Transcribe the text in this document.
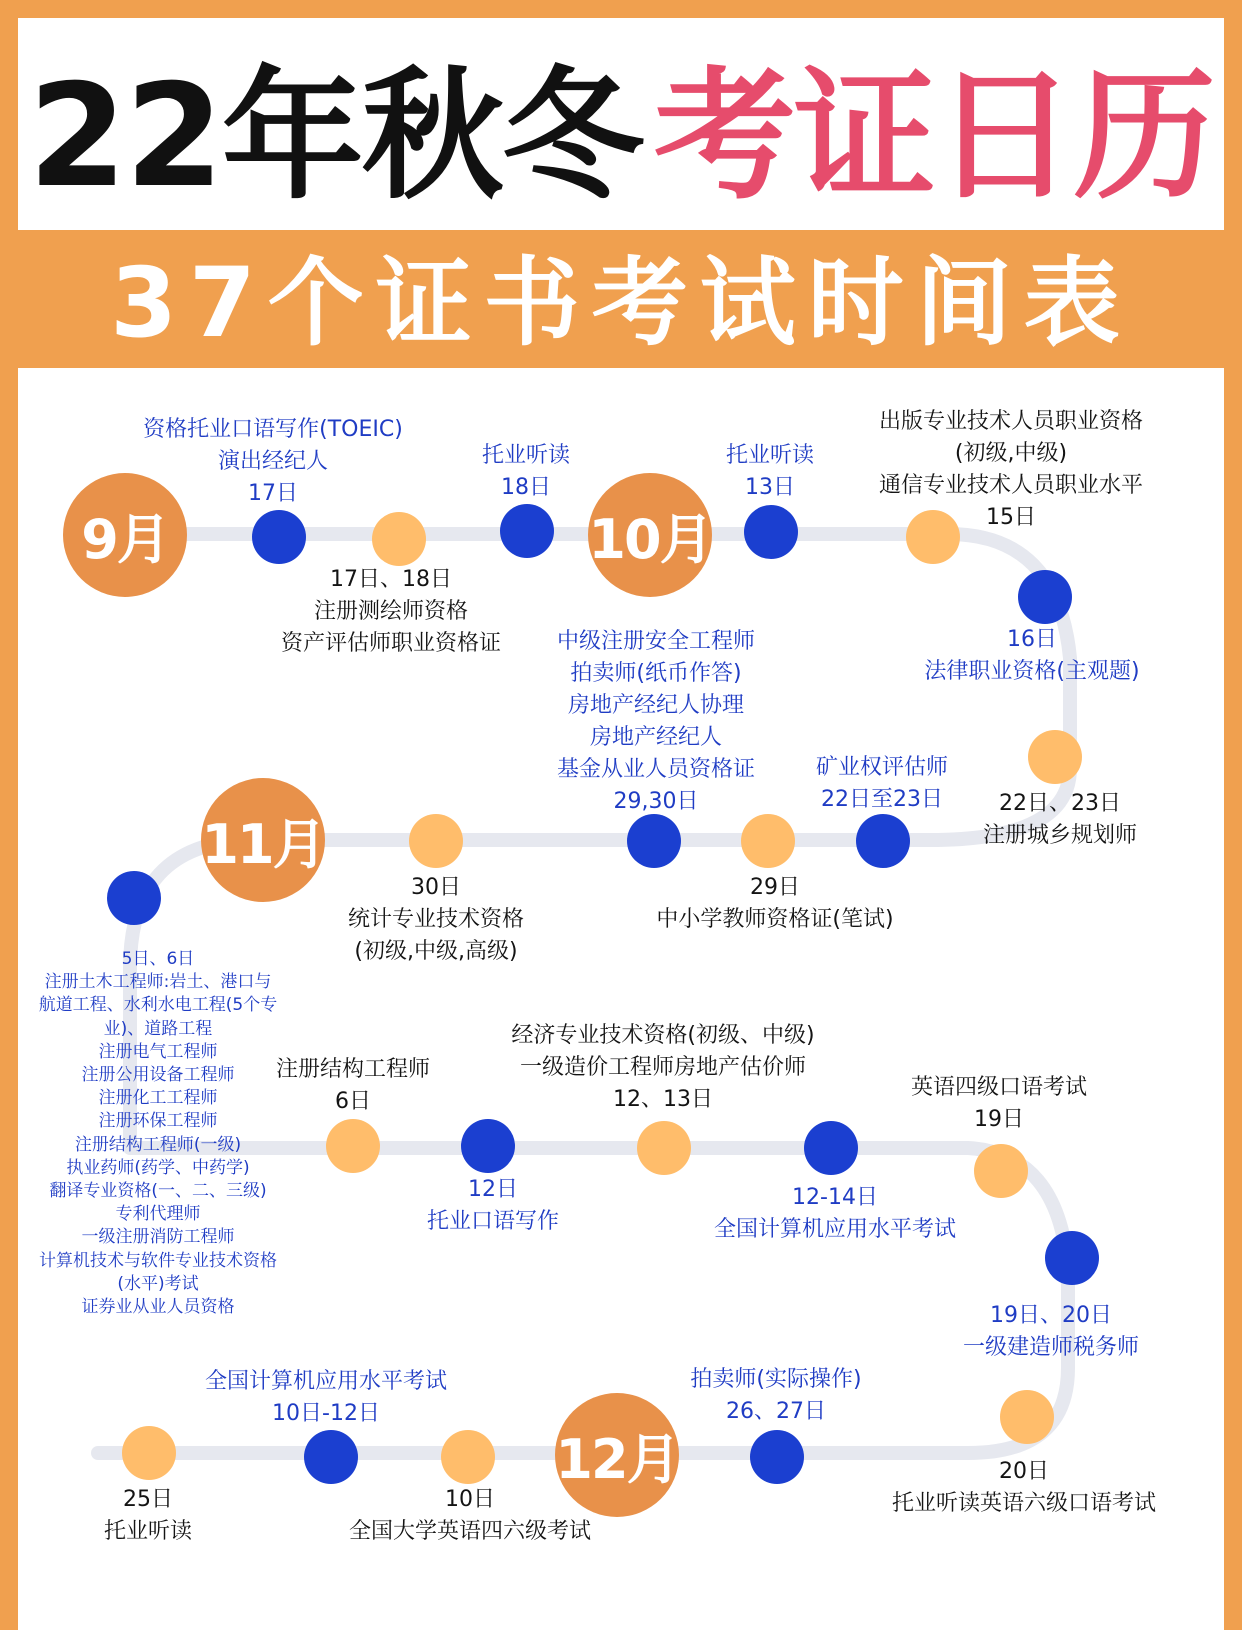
22年秋冬 考证日历
37个证书考试时间表
9月	10月
11月
12月
资格托业口语写作(TOEIC)
演出经纪人
17日
17日、18日
注册测绘师资格
资产评估师职业资格证
托业听读
18日
托业听读
13日
出版专业技术人员职业资格
(初级,中级)
通信专业技术人员职业水平
15日
16日
法律职业资格(主观题)
22日、23日
注册城乡规划师
矿业权评估师
22日至23日
中级注册安全工程师
拍卖师(纸币作答)
房地产经纪人协理
房地产经纪人
基金从业人员资格证
29,30日
29日
中小学教师资格证(笔试)
30日
统计专业技术资格
(初级,中级,高级)
5日、6日
注册土木工程师:岩土、港口与
航道工程、水利水电工程(5个专
业)、道路工程
注册电气工程师
注册公用设备工程师
注册化工工程师
注册环保工程师
注册结构工程师(一级)
执业药师(药学、中药学)
翻译专业资格(一、二、三级)
专利代理师
一级注册消防工程师
计算机技术与软件专业技术资格
(水平)考试
证券业从业人员资格
注册结构工程师
6日
12日
托业口语写作
经济专业技术资格(初级、中级)
一级造价工程师房地产估价师
12、13日
12-14日
全国计算机应用水平考试
英语四级口语考试
19日
19日、20日
一级建造师税务师
20日
托业听读英语六级口语考试
拍卖师(实际操作)
26、27日
全国计算机应用水平考试
10日-12日
10日
全国大学英语四六级考试
25日
托业听读
